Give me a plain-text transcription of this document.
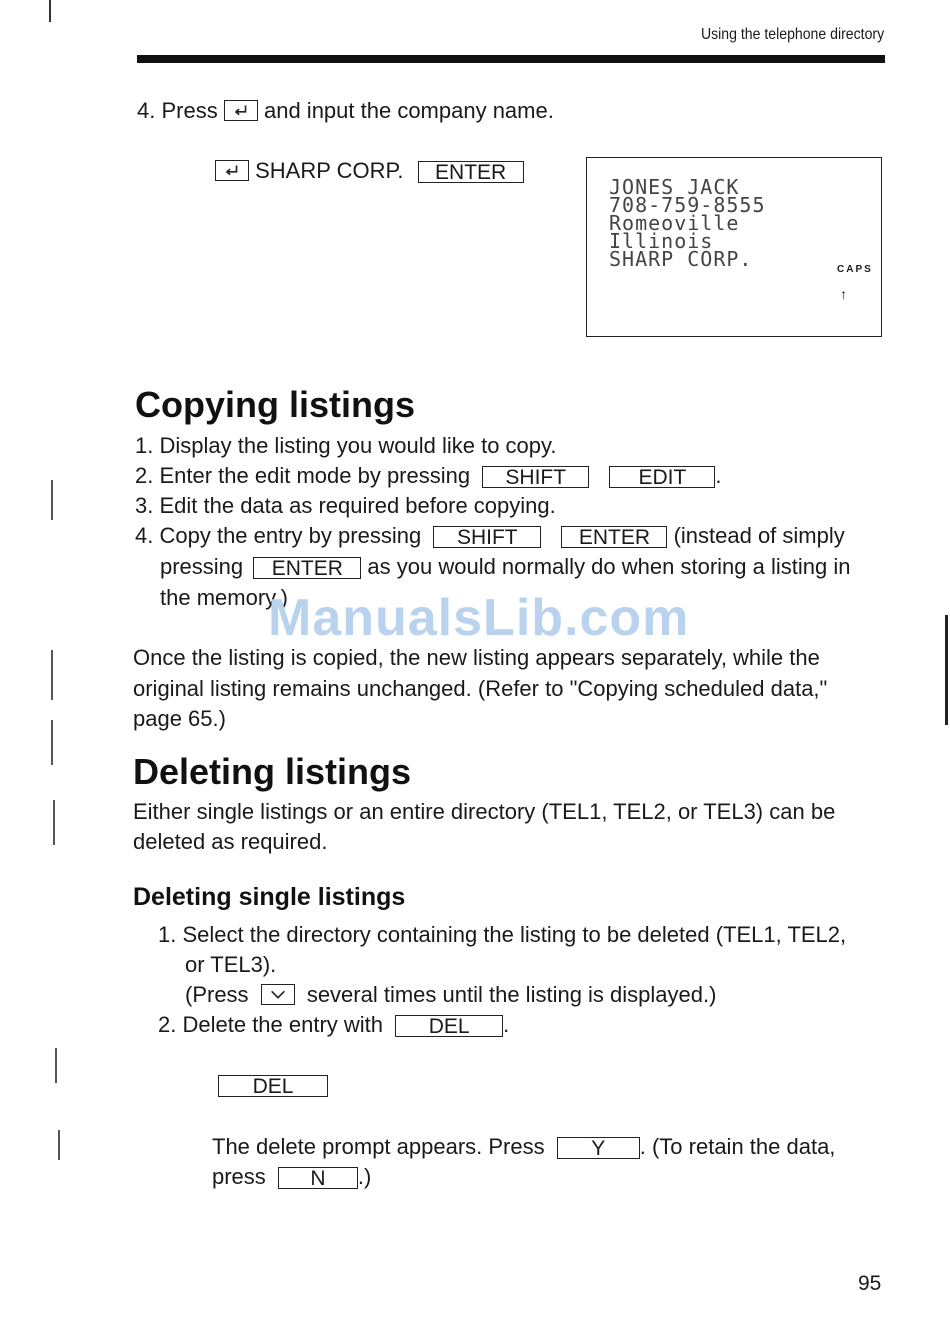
Using the telephone directory
4. Press and input the company name.
SHARP CORP. ENTER
JONES JACK
708-759-8555
Romeoville
Illinois
SHARP CORP.	CAPS
↑
Copying listings
1. Display the listing you would like to copy.
2. Enter the edit mode by pressing SHIFT	EDIT .
3. Edit the data as required before copying.
4. Copy the entry by pressing SHIFT	ENTER (instead of simply
pressing ENTER as you would normally do when storing a listing in
the memory.)
ManualsLib.com
Once the listing is copied, the new listing appears separately, while the
original listing remains unchanged. (Refer to "Copying scheduled data,"
page 65.)
Deleting listings
Either single listings or an entire directory (TEL1, TEL2, or TEL3) can be
deleted as required.
Deleting single listings
1. Select the directory containing the listing to be deleted (TEL1, TEL2,
or TEL3).
(Press	several times until the listing is displayed.)
2. Delete the entry with DEL .
DEL
The delete prompt appears. Press Y . (To retain the data,
press N .)
95
